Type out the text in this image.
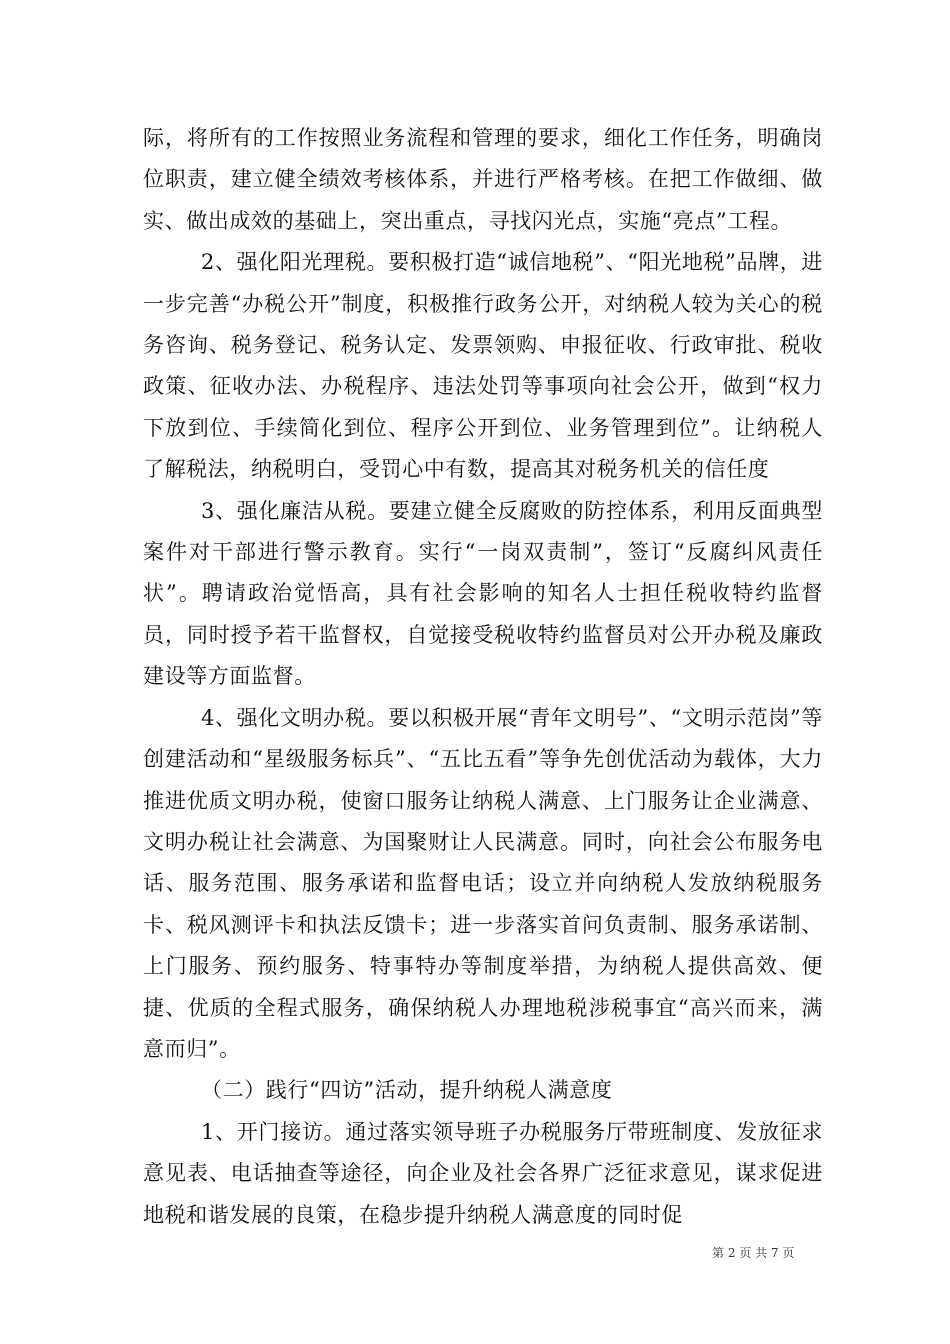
际，将所有的工作按照业务流程和管理的要求，细化工作任务，明确岗位职责，建立健全绩效考核体系，并进行严格考核。在把工作做细、做实、做出成效的基础上，突出重点，寻找闪光点，实施“亮点”工程。

2、强化阳光理税。要积极打造“诚信地税”、“阳光地税”品牌，进一步完善“办税公开”制度，积极推行政务公开，对纳税人较为关心的税务咨询、税务登记、税务认定、发票领购、申报征收、行政审批、税收政策、征收办法、办税程序、违法处罚等事项向社会公开，做到“权力下放到位、手续简化到位、程序公开到位、业务管理到位”。让纳税人了解税法，纳税明白，受罚心中有数，提高其对税务机关的信任度

3、强化廉洁从税。要建立健全反腐败的防控体系，利用反面典型案件对干部进行警示教育。实行“一岗双责制”，签订“反腐纠风责任状”。聘请政治觉悟高，具有社会影响的知名人士担任税收特约监督员，同时授予若干监督权，自觉接受税收特约监督员对公开办税及廉政建设等方面监督。

4、强化文明办税。要以积极开展“青年文明号”、“文明示范岗”等创建活动和“星级服务标兵”、“五比五看”等争先创优活动为载体，大力推进优质文明办税，使窗口服务让纳税人满意、上门服务让企业满意、文明办税让社会满意、为国聚财让人民满意。同时，向社会公布服务电话、服务范围、服务承诺和监督电话；设立并向纳税人发放纳税服务卡、税风测评卡和执法反馈卡；进一步落实首问负责制、服务承诺制、上门服务、预约服务、特事特办等制度举措，为纳税人提供高效、便捷、优质的全程式服务，确保纳税人办理地税涉税事宜“高兴而来，满意而归”。

（二）践行“四访”活动，提升纳税人满意度

1、开门接访。通过落实领导班子办税服务厅带班制度、发放征求意见表、电话抽查等途径，向企业及社会各界广泛征求意见，谋求促进地税和谐发展的良策，在稳步提升纳税人满意度的同时促

第 2 页 共 7 页
